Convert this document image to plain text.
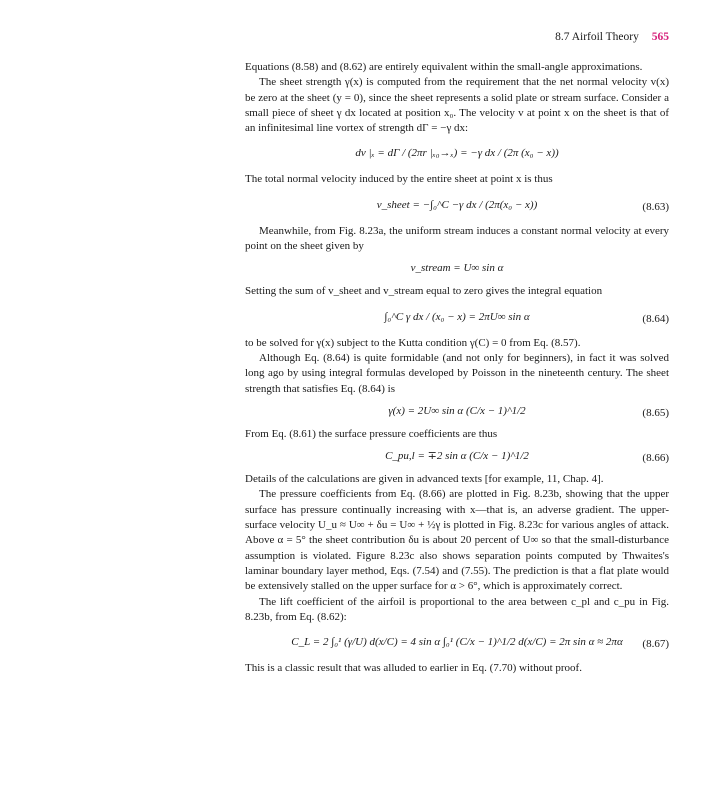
8.7 Airfoil Theory 565

Equations (8.58) and (8.62) are entirely equivalent within the small-angle approximations.

The sheet strength γ(x) is computed from the requirement that the net normal velocity v(x) be zero at the sheet (y = 0), since the sheet represents a solid plate or stream surface. Consider a small piece of sheet γ dx located at position x₀. The velocity v at point x on the sheet is that of an infinitesimal line vortex of strength dΓ = −γ dx:

dv |ₓ = dΓ / (2πr |ₓ₀→ₓ) = −γ dx / (2π (x₀ − x))

The total normal velocity induced by the entire sheet at point x is thus

v_sheet = −∫₀^C −γ dx / (2π(x₀ − x))	(8.63)

Meanwhile, from Fig. 8.23a, the uniform stream induces a constant normal velocity at every point on the sheet given by

v_stream = U∞ sin α

Setting the sum of v_sheet and v_stream equal to zero gives the integral equation

∫₀^C γ dx / (x₀ − x) = 2πU∞ sin α	(8.64)

to be solved for γ(x) subject to the Kutta condition γ(C) = 0 from Eq. (8.57).

Although Eq. (8.64) is quite formidable (and not only for beginners), in fact it was solved long ago by using integral formulas developed by Poisson in the nineteenth century. The sheet strength that satisfies Eq. (8.64) is

γ(x) = 2U∞ sin α (C/x − 1)^1/2	(8.65)

From Eq. (8.61) the surface pressure coefficients are thus

C_pu,l = ∓2 sin α (C/x − 1)^1/2	(8.66)

Details of the calculations are given in advanced texts [for example, 11, Chap. 4].

The pressure coefficients from Eq. (8.66) are plotted in Fig. 8.23b, showing that the upper surface has pressure continually increasing with x—that is, an adverse gradient. The upper-surface velocity U_u ≈ U∞ + δu = U∞ + ½γ is plotted in Fig. 8.23c for various angles of attack. Above α = 5° the sheet contribution δu is about 20 percent of U∞ so that the small-disturbance assumption is violated. Figure 8.23c also shows separation points computed by Thwaites's laminar boundary layer method, Eqs. (7.54) and (7.55). The prediction is that a flat plate would be extensively stalled on the upper surface for α > 6°, which is approximately correct.

The lift coefficient of the airfoil is proportional to the area between c_pl and c_pu in Fig. 8.23b, from Eq. (8.62):

C_L = 2 ∫₀¹ (γ/U) d(x/C) = 4 sin α ∫₀¹ (C/x − 1)^1/2 d(x/C) = 2π sin α ≈ 2πα (8.67)

This is a classic result that was alluded to earlier in Eq. (7.70) without proof.
